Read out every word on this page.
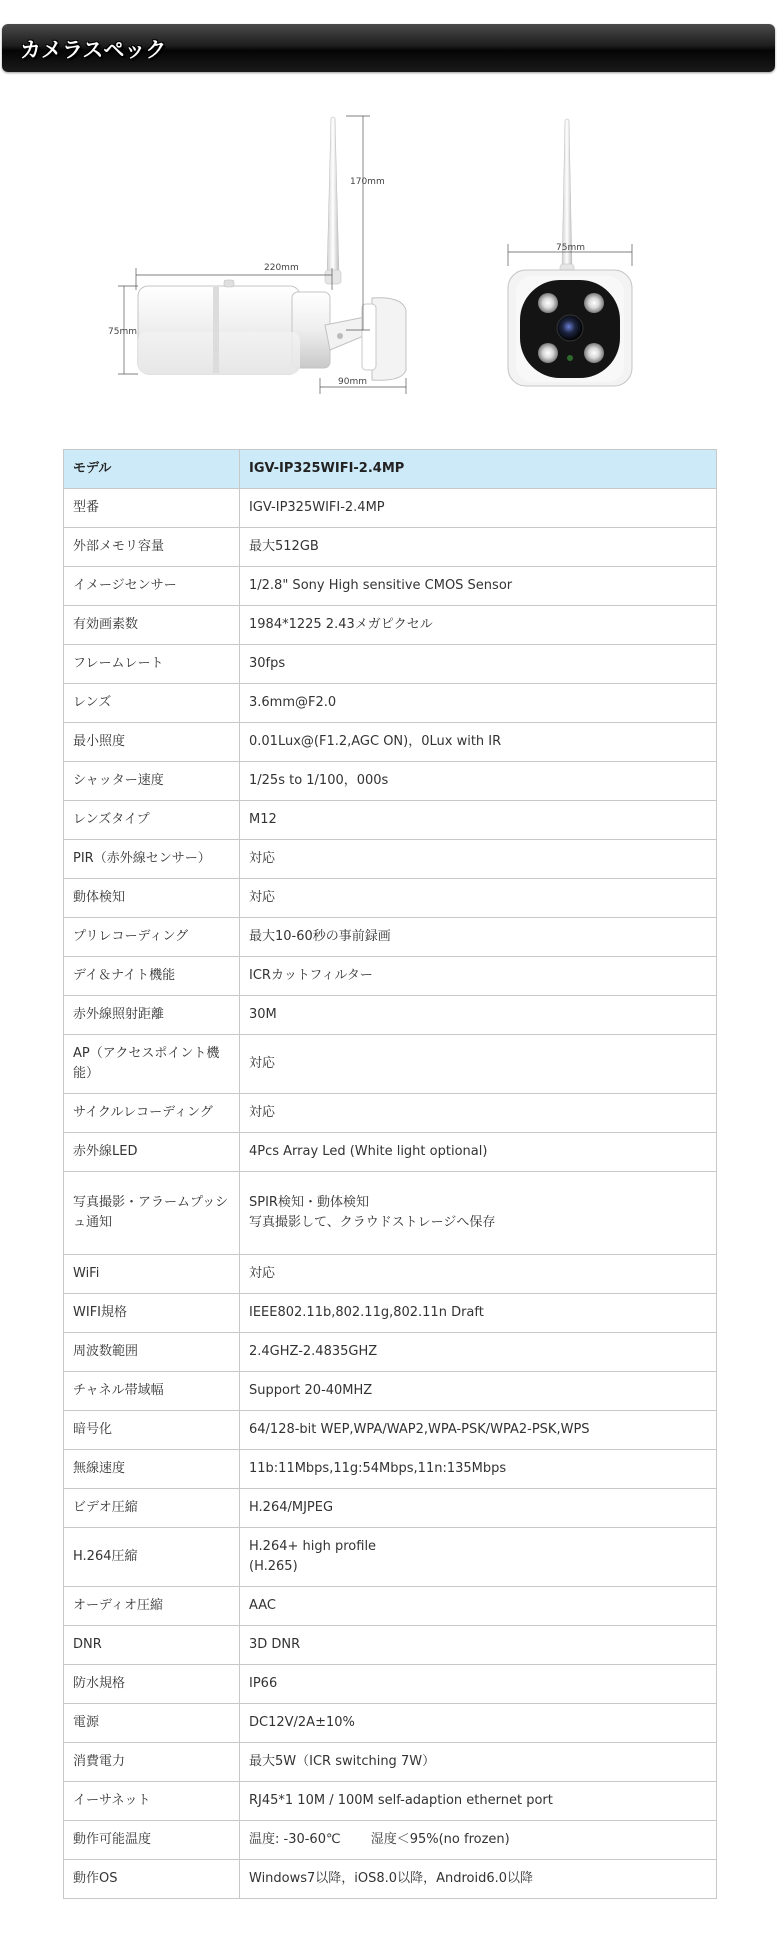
カメラスペック
170mm
220mm
75mm
90mm
75mm
モデル	IGV-IP325WIFI-2.4MP
型番	IGV-IP325WIFI-2.4MP

外部メモリ容量	最大512GB

イメージセンサー	1/2.8" Sony High sensitive CMOS Sensor

有効画素数	1984*1225 2.43メガピクセル

フレームレート	30fps

レンズ	3.6mm@F2.0

最小照度	0.01Lux@(F1.2,AGC ON)，0Lux with IR

シャッター速度	1/25s to 1/100，000s

レンズタイプ	M12

PIR（赤外線センサー）	対応

動体検知	対応

プリレコーディング	最大10-60秒の事前録画

デイ＆ナイト機能	ICRカットフィルター

赤外線照射距離	30M

AP（アクセスポイント機能）	対応

サイクルレコーディング	対応

赤外線LED	4Pcs Array Led (White light optional)

写真撮影・アラームプッシュ通知	SPIR検知・動体検知
写真撮影して、クラウドストレージへ保存

WiFi	対応

WIFI規格	IEEE802.11b,802.11g,802.11n Draft

周波数範囲	2.4GHZ-2.4835GHZ

チャネル帯域幅	Support 20-40MHZ

暗号化	64/128-bit WEP,WPA/WAP2,WPA-PSK/WPA2-PSK,WPS

無線速度	11b:11Mbps,11g:54Mbps,11n:135Mbps

ビデオ圧縮	H.264/MJPEG

H.264圧縮	H.264+ high profile
(H.265)

オーディオ圧縮	AAC

DNR	3D DNR

防水規格	IP66

電源	DC12V/2A±10%

消費電力	最大5W（ICR switching 7W）

イーサネット	RJ45*1 10M / 100M self-adaption ethernet port

動作可能温度	温度: -30-60℃　　 湿度＜95%(no frozen)

動作OS	Windows7以降，iOS8.0以降，Android6.0以降
